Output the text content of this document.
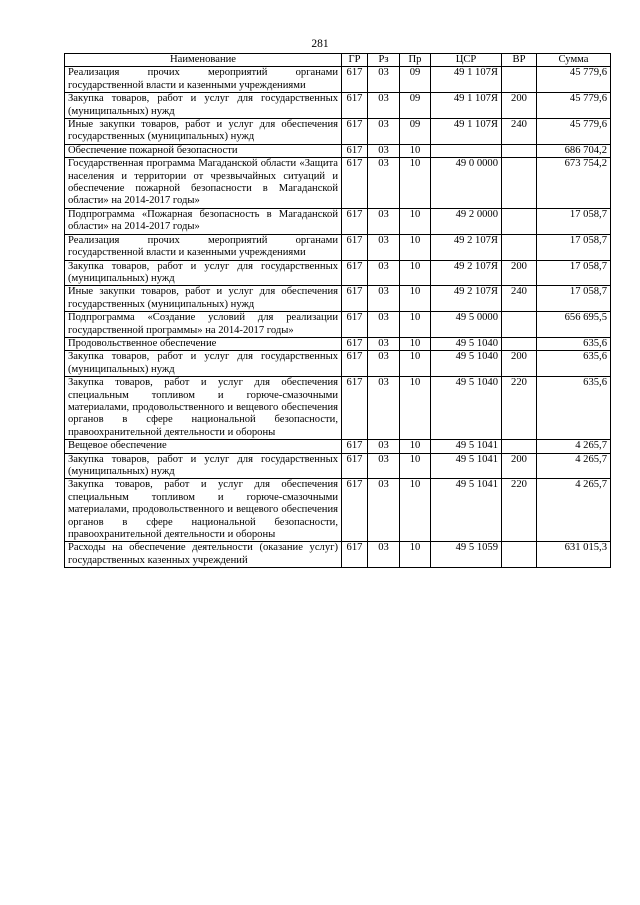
281
Наименование	ГР	Рз	Пр	ЦСР	ВР	Сумма
Реализация прочих мероприятий органами государственной власти и казенными учреждениями	617	03	09	49 1 107Я		45 779,6
Закупка товаров, работ и услуг для государственных (муниципальных) нужд	617	03	09	49 1 107Я	200	45 779,6
Иные закупки товаров, работ и услуг для обеспечения государственных (муниципальных) нужд	617	03	09	49 1 107Я	240	45 779,6
Обеспечение пожарной безопасности	617	03	10			686 704,2
Государственная программа Магаданской области «Защита населения и территории от чрезвычайных ситуаций и обеспечение пожарной безопасности в Магаданской области» на 2014-2017 годы»	617	03	10	49 0 0000		673 754,2
Подпрограмма «Пожарная безопасность в Магаданской области» на 2014-2017 годы»	617	03	10	49 2 0000		17 058,7
Реализация прочих мероприятий органами государственной власти и казенными учреждениями	617	03	10	49 2 107Я		17 058,7
Закупка товаров, работ и услуг для государственных (муниципальных) нужд	617	03	10	49 2 107Я	200	17 058,7
Иные закупки товаров, работ и услуг для обеспечения государственных (муниципальных) нужд	617	03	10	49 2 107Я	240	17 058,7
Подпрограмма «Создание условий для реализации государственной программы» на 2014-2017 годы»	617	03	10	49 5 0000		656 695,5
Продовольственное обеспечение	617	03	10	49 5 1040		635,6
Закупка товаров, работ и услуг для государственных (муниципальных) нужд	617	03	10	49 5 1040	200	635,6
Закупка товаров, работ и услуг для обеспечения специальным топливом и горюче-смазочными материалами, продовольственного и вещевого обеспечения органов в сфере национальной безопасности, правоохранительной деятельности и обороны	617	03	10	49 5 1040	220	635,6
Вещевое обеспечение	617	03	10	49 5 1041		4 265,7
Закупка товаров, работ и услуг для государственных (муниципальных) нужд	617	03	10	49 5 1041	200	4 265,7
Закупка товаров, работ и услуг для обеспечения специальным топливом и горюче-смазочными материалами, продовольственного и вещевого обеспечения органов в сфере национальной безопасности, правоохранительной деятельности и обороны	617	03	10	49 5 1041	220	4 265,7
Расходы на обеспечение деятельности (оказание услуг) государственных казенных учреждений	617	03	10	49 5 1059		631 015,3
